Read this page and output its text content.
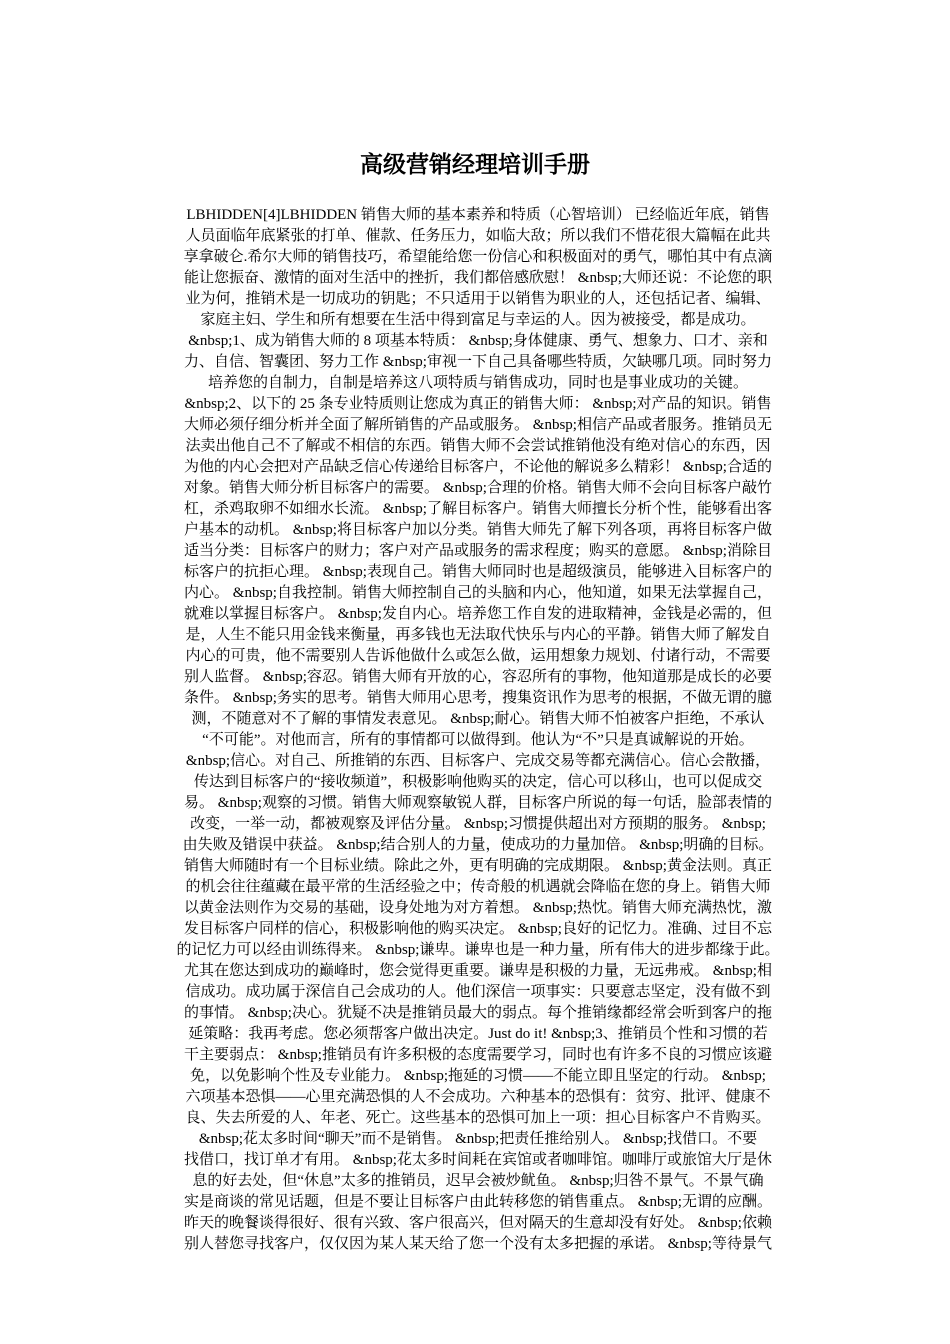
高级营销经理培训手册
LBHIDDEN[4]LBHIDDEN 销售大师的基本素养和特质（心智培训） 已经临近年底，销售
人员面临年底紧张的打单、催款、任务压力，如临大敌；所以我们不惜花很大篇幅在此共
享拿破仑.希尔大师的销售技巧，希望能给您一份信心和积极面对的勇气，哪怕其中有点滴
能让您振奋、激情的面对生活中的挫折，我们都倍感欣慰！ &nbsp;大师还说：不论您的职
业为何，推销术是一切成功的钥匙；不只适用于以销售为职业的人，还包括记者、编辑、
家庭主妇、学生和所有想要在生活中得到富足与幸运的人。因为被接受，都是成功。
&nbsp;1、成为销售大师的 8 项基本特质： &nbsp;身体健康、勇气、想象力、口才、亲和
力、自信、智囊团、努力工作 &nbsp;审视一下自己具备哪些特质，欠缺哪几项。同时努力
培养您的自制力，自制是培养这八项特质与销售成功，同时也是事业成功的关键。
&nbsp;2、以下的 25 条专业特质则让您成为真正的销售大师： &nbsp;对产品的知识。销售
大师必须仔细分析并全面了解所销售的产品或服务。 &nbsp;相信产品或者服务。推销员无
法卖出他自己不了解或不相信的东西。销售大师不会尝试推销他没有绝对信心的东西，因
为他的内心会把对产品缺乏信心传递给目标客户，不论他的解说多么精彩！ &nbsp;合适的
对象。销售大师分析目标客户的需要。 &nbsp;合理的价格。销售大师不会向目标客户敲竹
杠，杀鸡取卵不如细水长流。 &nbsp;了解目标客户。销售大师擅长分析个性，能够看出客
户基本的动机。 &nbsp;将目标客户加以分类。销售大师先了解下列各项，再将目标客户做
适当分类：目标客户的财力；客户对产品或服务的需求程度；购买的意愿。 &nbsp;消除目
标客户的抗拒心理。 &nbsp;表现自己。销售大师同时也是超级演员，能够进入目标客户的
内心。 &nbsp;自我控制。销售大师控制自己的头脑和内心，他知道，如果无法掌握自己，
就难以掌握目标客户。 &nbsp;发自内心。培养您工作自发的进取精神，金钱是必需的，但
是，人生不能只用金钱来衡量，再多钱也无法取代快乐与内心的平静。销售大师了解发自
内心的可贵，他不需要别人告诉他做什么或怎么做，运用想象力规划、付诸行动，不需要
别人监督。 &nbsp;容忍。销售大师有开放的心，容忍所有的事物，他知道那是成长的必要
条件。 &nbsp;务实的思考。销售大师用心思考，搜集资讯作为思考的根据，不做无谓的臆
测，不随意对不了解的事情发表意见。 &nbsp;耐心。销售大师不怕被客户拒绝，不承认
“不可能”。对他而言，所有的事情都可以做得到。他认为“不”只是真诚解说的开始。
&nbsp;信心。对自己、所推销的东西、目标客户、完成交易等都充满信心。信心会散播，
传达到目标客户的“接收频道”，积极影响他购买的决定，信心可以移山，也可以促成交
易。 &nbsp;观察的习惯。销售大师观察敏锐人群，目标客户所说的每一句话，脸部表情的
改变，一举一动，都被观察及评估分量。 &nbsp;习惯提供超出对方预期的服务。 &nbsp;
由失败及错误中获益。 &nbsp;结合别人的力量，使成功的力量加倍。 &nbsp;明确的目标。
销售大师随时有一个目标业绩。除此之外，更有明确的完成期限。 &nbsp;黄金法则。真正
的机会往往蕴藏在最平常的生活经验之中；传奇般的机遇就会降临在您的身上。销售大师
以黄金法则作为交易的基础，设身处地为对方着想。 &nbsp;热忱。销售大师充满热忱，激
发目标客户同样的信心，积极影响他的购买决定。 &nbsp;良好的记忆力。准确、过目不忘
的记忆力可以经由训练得来。 &nbsp;谦卑。谦卑也是一种力量，所有伟大的进步都缘于此。
尤其在您达到成功的巅峰时，您会觉得更重要。谦卑是积极的力量，无远弗戒。 &nbsp;相
信成功。成功属于深信自己会成功的人。他们深信一项事实：只要意志坚定，没有做不到
的事情。 &nbsp;决心。犹疑不决是推销员最大的弱点。每个推销缘都经常会听到客户的拖
延策略：我再考虑。您必须帮客户做出决定。Just do it! &nbsp;3、推销员个性和习惯的若
干主要弱点： &nbsp;推销员有许多积极的态度需要学习，同时也有许多不良的习惯应该避
免，以免影响个性及专业能力。 &nbsp;拖延的习惯——不能立即且坚定的行动。 &nbsp;
六项基本恐惧——心里充满恐惧的人不会成功。六种基本的恐惧有：贫穷、批评、健康不
良、失去所爱的人、年老、死亡。这些基本的恐惧可加上一项：担心目标客户不肯购买。
&nbsp;花太多时间“聊天”而不是销售。 &nbsp;把责任推给别人。 &nbsp;找借口。不要
找借口，找订单才有用。 &nbsp;花太多时间耗在宾馆或者咖啡馆。咖啡厅或旅馆大厅是休
息的好去处，但“休息”太多的推销员，迟早会被炒鱿鱼。 &nbsp;归咎不景气。不景气确
实是商谈的常见话题，但是不要让目标客户由此转移您的销售重点。 &nbsp;无谓的应酬。
昨天的晚餐谈得很好、很有兴致、客户很高兴，但对隔天的生意却没有好处。 &nbsp;依赖
别人替您寻找客户，仅仅因为某人某天给了您一个没有太多把握的承诺。 &nbsp;等待景气
